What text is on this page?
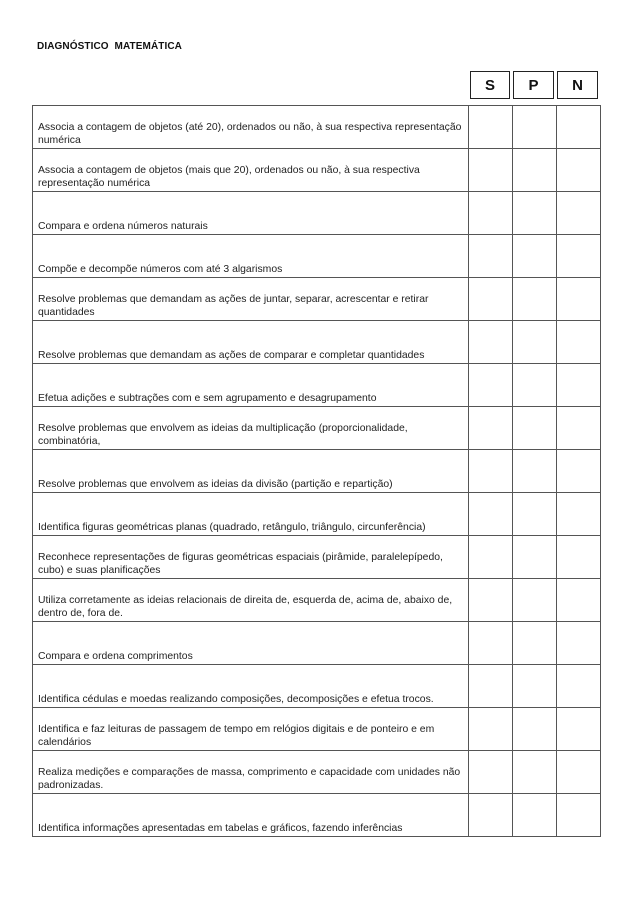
DIAGNÓSTICO MATEMÁTICA
S	P	N
Associa a contagem de objetos (até 20), ordenados ou não, à sua respectiva representação numérica			
Associa a contagem de objetos (mais que 20), ordenados ou não, à sua respectiva representação numérica			
Compara e ordena números naturais			
Compõe e decompõe números com até 3 algarismos			
Resolve problemas que demandam as ações de juntar, separar, acrescentar e retirar quantidades			
Resolve problemas que demandam as ações de comparar e completar quantidades			
Efetua adições e subtrações com e sem agrupamento e desagrupamento			
Resolve problemas que envolvem as ideias da multiplicação (proporcionalidade, combinatória,			
Resolve problemas que envolvem as ideias da divisão (partição e repartição)			
Identifica figuras geométricas planas (quadrado, retângulo, triângulo, circunferência)			
Reconhece representações de figuras geométricas espaciais (pirâmide, paralelepípedo, cubo) e suas planificações			
Utiliza corretamente as ideias relacionais de direita de, esquerda de, acima de, abaixo de, dentro de, fora de.			
Compara e ordena comprimentos			
Identifica cédulas e moedas realizando composições, decomposições e efetua trocos.			
Identifica e faz leituras de passagem de tempo em relógios digitais e de ponteiro e em calendários			
Realiza medições e comparações de massa, comprimento e capacidade com unidades não padronizadas.			
Identifica informações apresentadas em tabelas e gráficos, fazendo inferências			
